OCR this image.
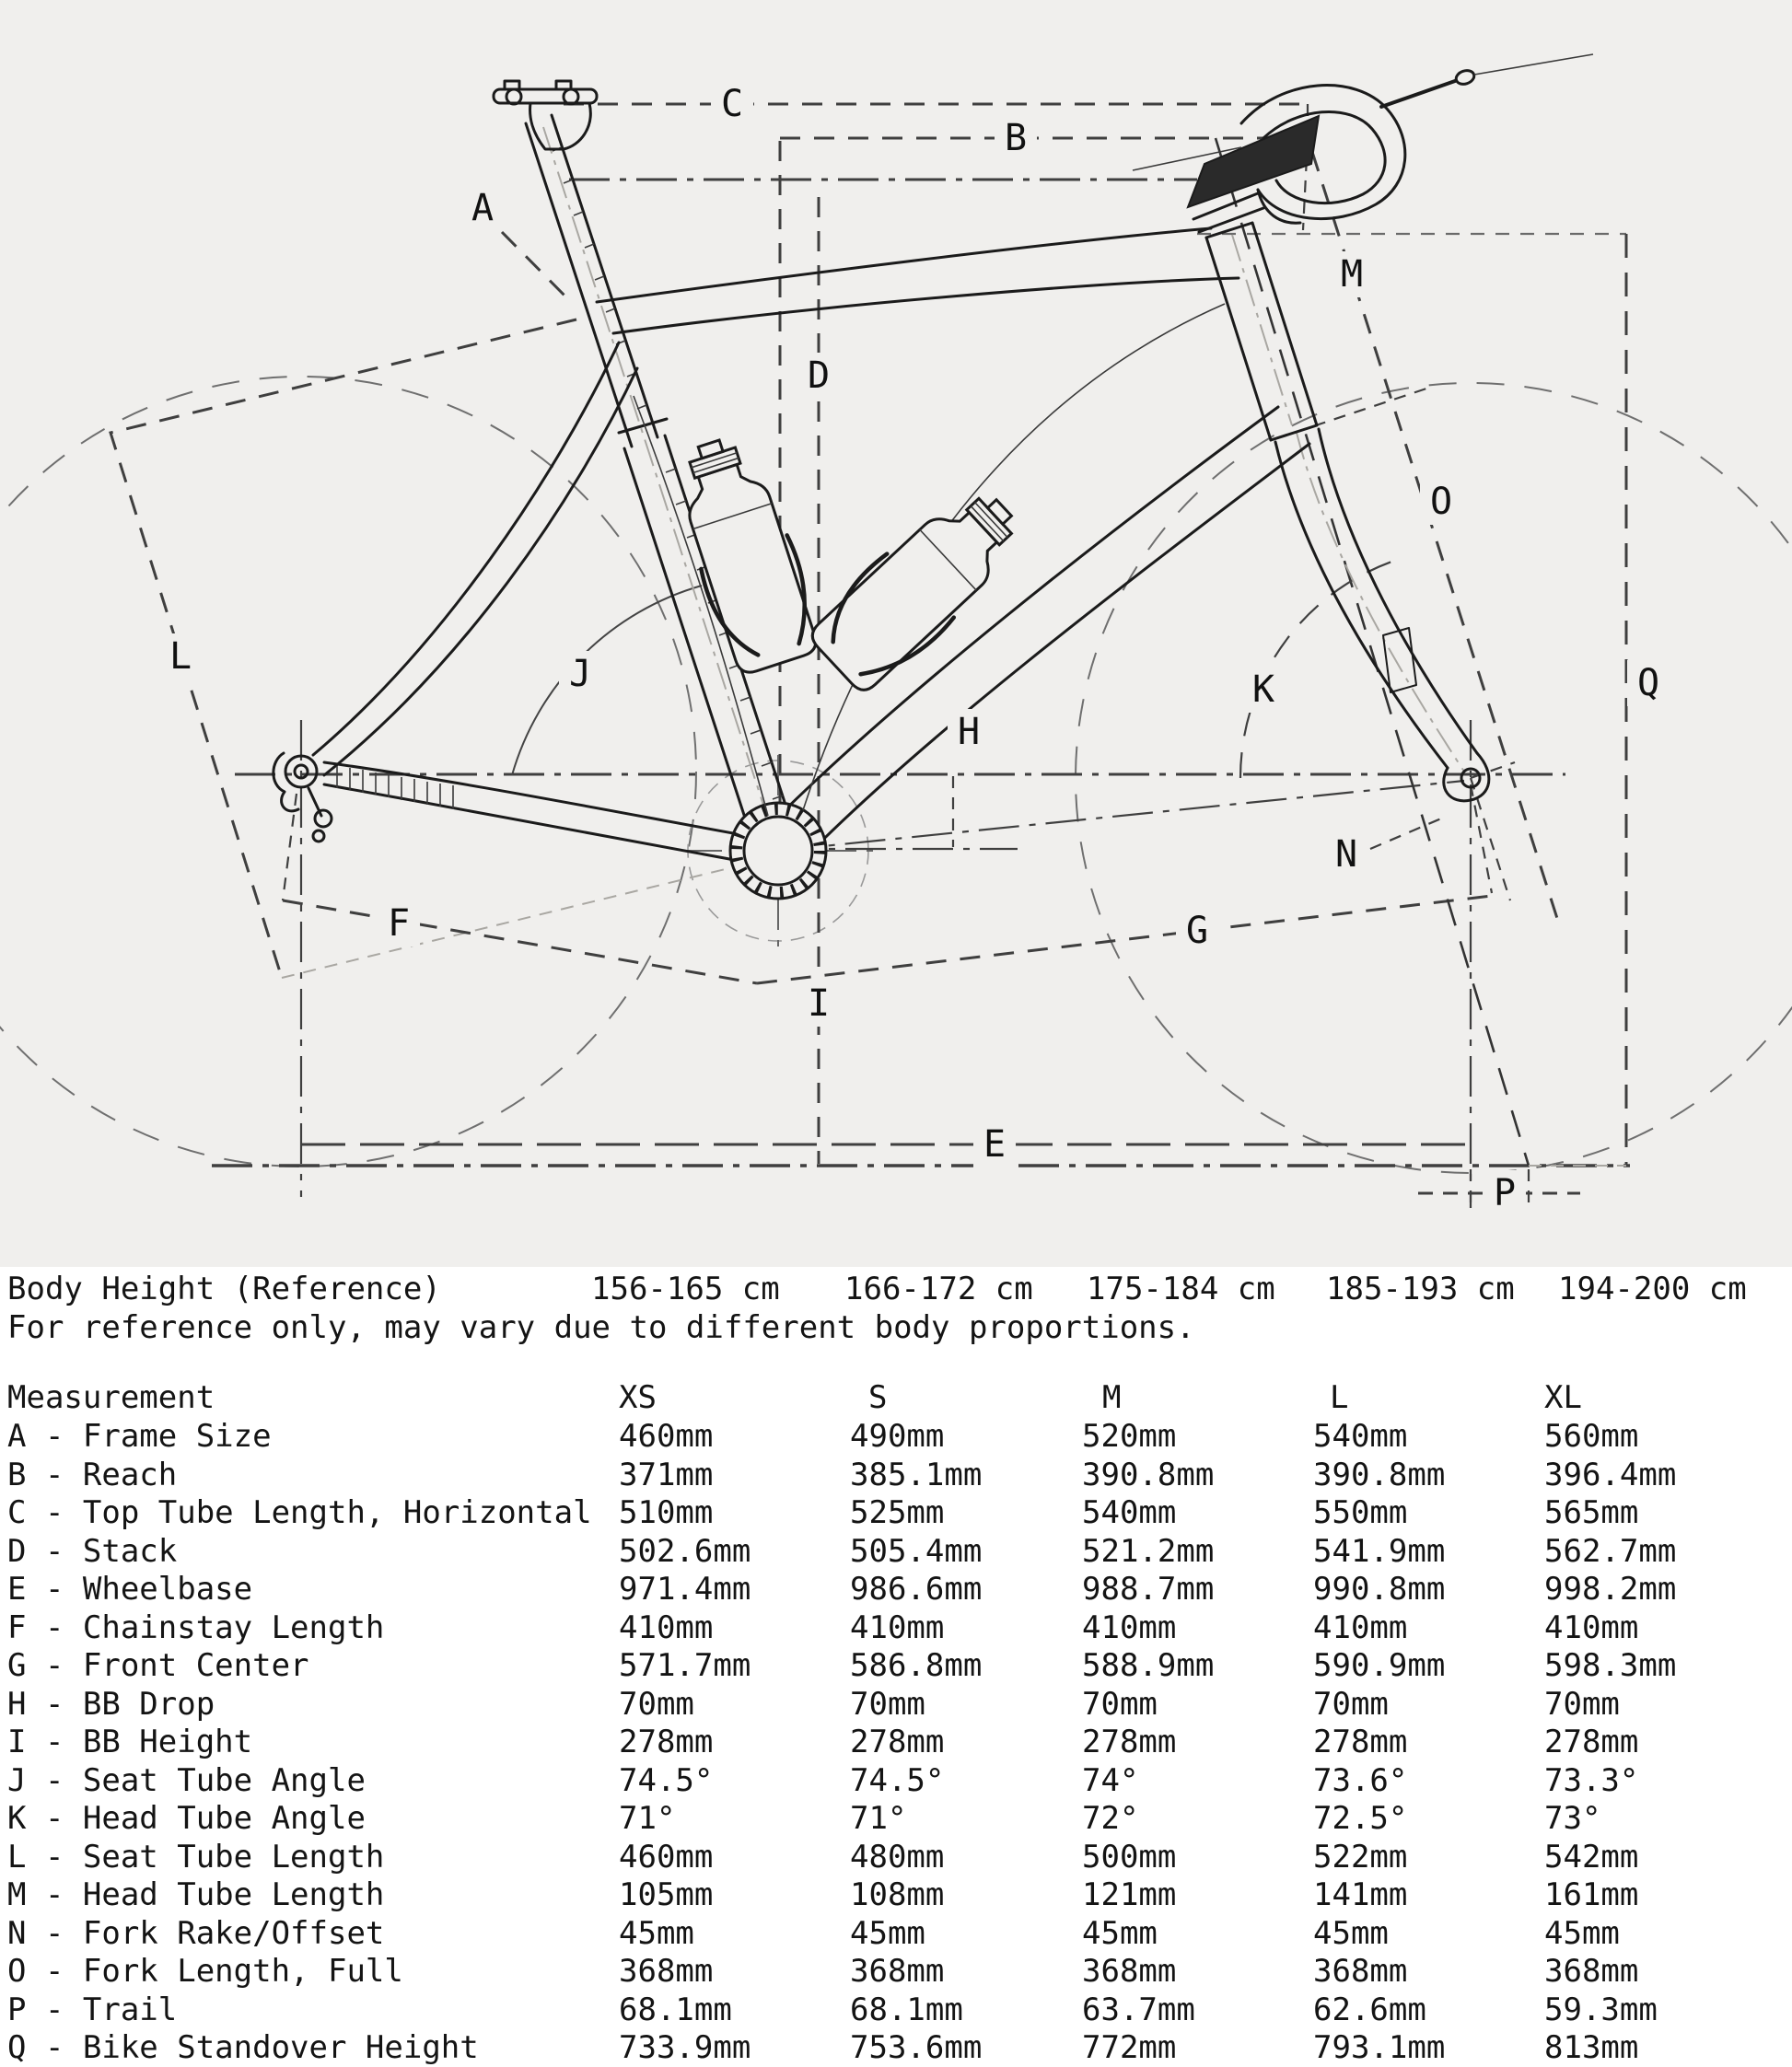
A
B
C
D
E
F	G
H
I
J	K
L
M
N
O
P
Q
Body Height (Reference)	156-165 cm 166-172 cm 175-184 cm 185-193 cm 194-200 cm
For reference only, may vary due to different body proportions.
Measurement	XS	S	M	L	XL
A - Frame Size	460mm	490mm	520mm	540mm	560mm
B - Reach	371mm	385.1mm	390.8mm	390.8mm	396.4mm
C - Top Tube Length, Horizontal 510mm	525mm	540mm	550mm	565mm
D - Stack	502.6mm	505.4mm	521.2mm	541.9mm	562.7mm
E - Wheelbase	971.4mm	986.6mm	988.7mm	990.8mm	998.2mm
F - Chainstay Length	410mm	410mm	410mm	410mm	410mm
G - Front Center	571.7mm	586.8mm	588.9mm	590.9mm	598.3mm
H - BB Drop	70mm	70mm	70mm	70mm	70mm
I - BB Height	278mm	278mm	278mm	278mm	278mm
J - Seat Tube Angle	74.5°	74.5°	74°	73.6°	73.3°
K - Head Tube Angle	71°	71°	72°	72.5°	73°
L - Seat Tube Length	460mm	480mm	500mm	522mm	542mm
M - Head Tube Length	105mm	108mm	121mm	141mm	161mm
N - Fork Rake/Offset	45mm	45mm	45mm	45mm	45mm
O - Fork Length, Full	368mm	368mm	368mm	368mm	368mm
P - Trail	68.1mm	68.1mm	63.7mm	62.6mm	59.3mm
Q - Bike Standover Height	733.9mm	753.6mm	772mm	793.1mm	813mm
